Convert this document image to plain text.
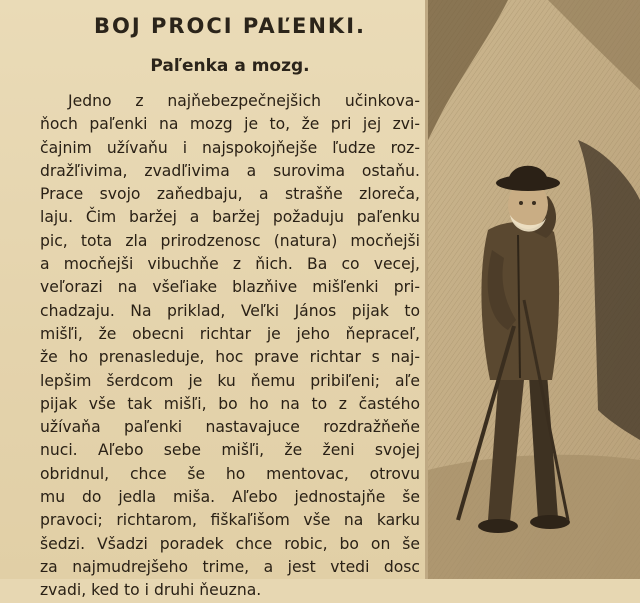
BOJ PROCI PAĽENKI.
Paľenka a mozg.
Jedno z najňebezpečnejšich učinkova-
ňoch paľenki na mozg je to, že pri jej zvi-
čajnim užívaňu i najspokojňejše ľudze roz-
dražľivima, zvadľivima a surovima ostaňu.
Prace svojo zaňedbaju, a strašňe zloreča,
laju. Čim baržej a baržej požaduju paľenku
pic, tota zla prirodzenosc (natura) mocňejši
a mocňejši vibuchňe z ňich. Ba co vecej,
veľorazi na všeľiake blazňive mišľenki pri-
chadzaju. Na priklad, Veľki János pijak to
mišľi, že obecni richtar je jeho ňepraceľ,
že ho prenasleduje, hoc prave richtar s naj-
lepšim šerdcom je ku ňemu pribiľeni; aľe
pijak vše tak mišľi, bo ho na to z častého
užívaňa paľenki nastavajuce rozdražňeňe
nuci. Aľebo sebe mišľi, že ženi svojej
obridnul, chce še ho mentovac, otrovu
mu do jedla miša. Aľebo jednostajňe še
pravoci; richtarom, fiškaľišom vše na karku
šedzi. Všadzi poradek chce robic, bo on še
za najmudrejšeho trime, a jest vtedi dosc
zvadi, ked to i druhi ňeuzna.
